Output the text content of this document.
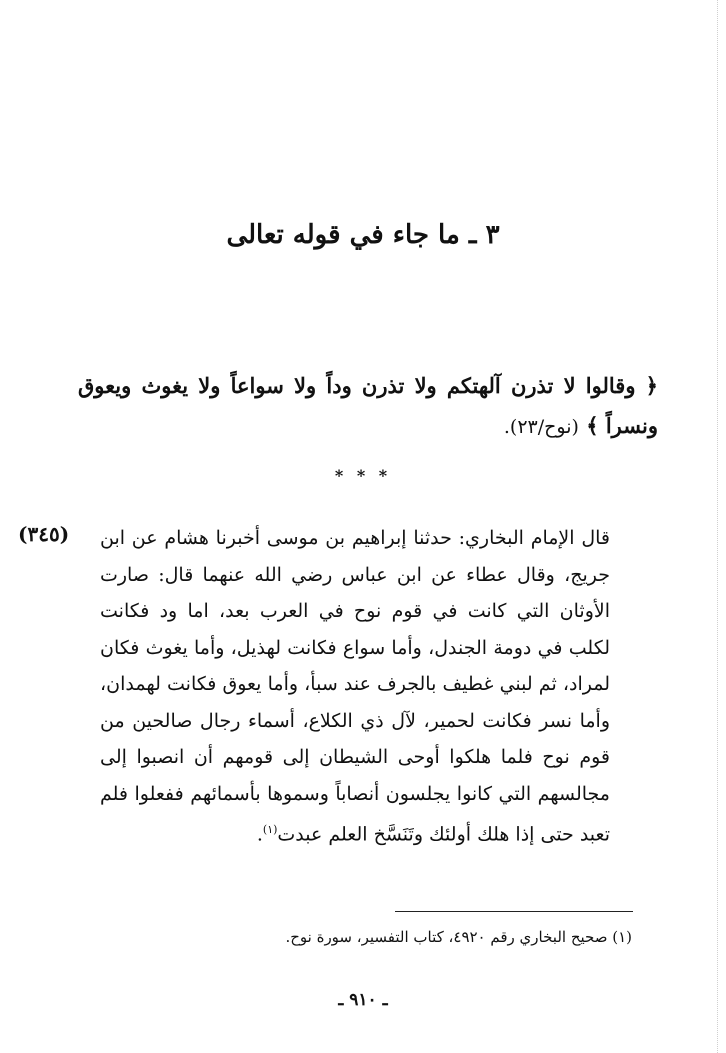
٣ ـ ما جاء في قوله تعالى

﴿ وقالوا لا تذرن آلهتكم ولا تذرن وداً ولا سواعاً ولا يغوث ويعوق ونسراً ﴾ (نوح/٢٣).

* * *
(٣٤٥) قال الإمام البخاري: حدثنا إبراهيم بن موسى أخبرنا هشام عن ابن جريج، وقال عطاء عن ابن عباس رضي الله عنهما قال: صارت الأوثان التي كانت في قوم نوح في العرب بعد، اما ود فكانت لكلب في دومة الجندل، وأما سواع فكانت لهذيل، وأما يغوث فكان لمراد، ثم لبني غطيف بالجرف عند سبأ، وأما يعوق فكانت لهمدان، وأما نسر فكانت لحمير، لآل ذي الكلاع، أسماء رجال صالحين من قوم نوح فلما هلكوا أوحى الشيطان إلى قومهم أن انصبوا إلى مجالسهم التي كانوا يجلسون أنصاباً وسموها بأسمائهم ففعلوا فلم تعبد حتى إذا هلك أولئك وتَنَسَّخ العلم عبدت$^{(١)}$.

(١) صحيح البخاري رقم ٤٩٢٠، كتاب التفسير، سورة نوح.

ـ ٩١٠ ـ
